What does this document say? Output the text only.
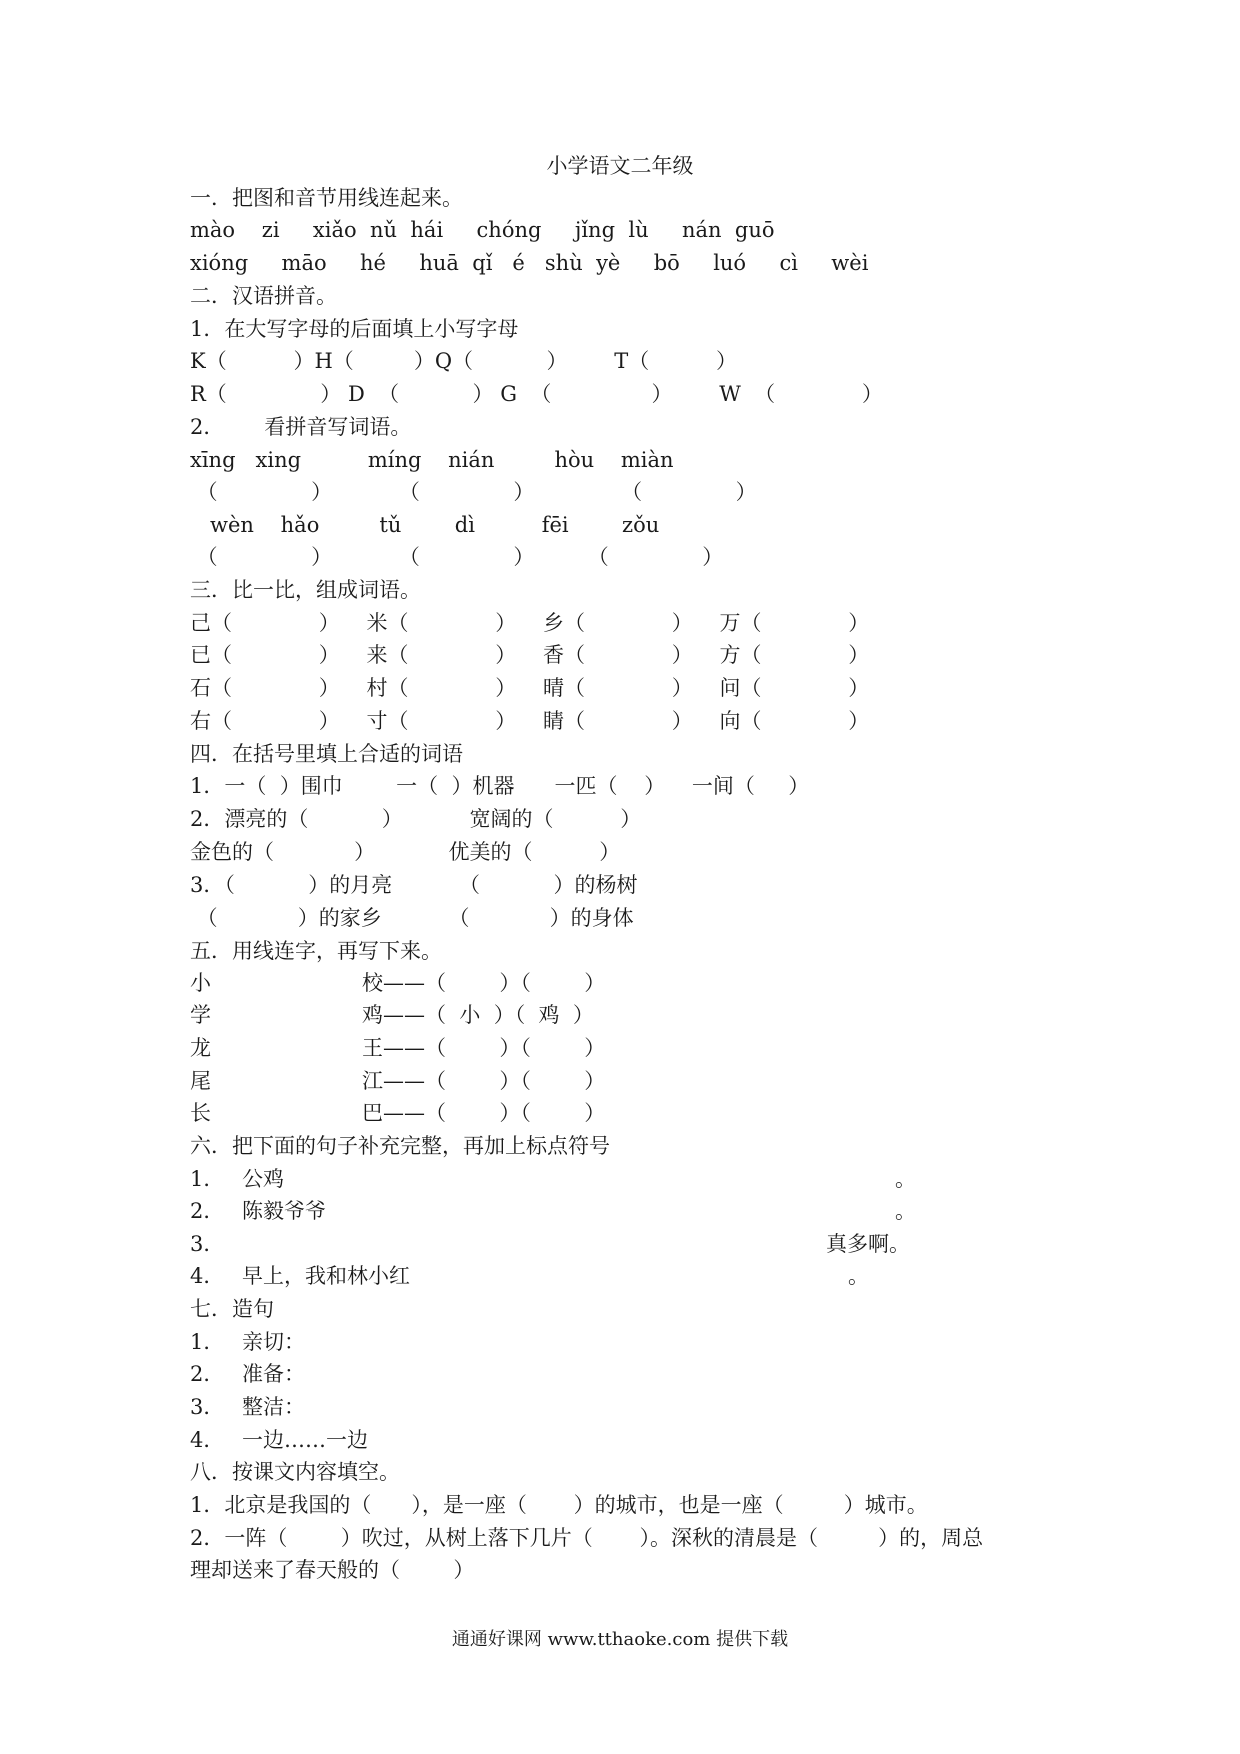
小学语文二年级
一．把图和音节用线连起来。
mào    zi     xiǎo  nǔ  hái     chóng     jǐng  lù     nán  guō
xióng     māo     hé     huā  qǐ   é   shù  yè     bō     luó     cì     wèi
二．汉语拼音。
1．在大写字母的后面填上小写字母
K（          ）H（         ）Q（           ）       T（          ）
R（              ） D  （           ） G  （               ）       W  （             ）
2．      看拼音写词语。
xīng   xing          míng    nián         hòu    miàn
（              ）          （              ）             （              ）
wèn    hǎo         tǔ        dì          fēi        zǒu
（              ）          （              ）        （              ）
三．比一比，组成词语。
己（             ）    米（             ）    乡（             ）    万（             ）
已（             ）    来（             ）    香（             ）    方（             ）
石（             ）    村（             ）    晴（             ）    问（             ）
右（             ）    寸（             ）    睛（             ）    向（             ）
四．在括号里填上合适的词语
1．一（  ）围巾        一（  ）机器      一匹（    ）    一间（     ）
2．漂亮的（           ）          宽阔的（          ）
金色的（            ）           优美的（          ）
3．（           ）的月亮          （           ）的杨树
（            ）的家乡          （            ）的身体
五．用线连字，再写下来。
小	校——（        ）（        ）
学	鸡——（  小  ）（  鸡  ）
龙	王——（        ）（        ）
尾	江——（        ）（        ）
长	巴——（        ）（        ）
六．把下面的句子补充完整，再加上标点符号
1． 公鸡	。
2． 陈毅爷爷	。
3．	真多啊。
4． 早上，我和林小红	。
七．造句
1． 亲切：
2． 准备：
3． 整洁：
4． 一边……一边
八．按课文内容填空。
1．北京是我国的（      ），是一座（       ）的城市，也是一座（         ）城市。
2．一阵（        ）吹过，从树上落下几片（       ）。深秋的清晨是（         ）的，周总
理却送来了春天般的（        ）
通通好课网 www.tthaoke.com 提供下载
